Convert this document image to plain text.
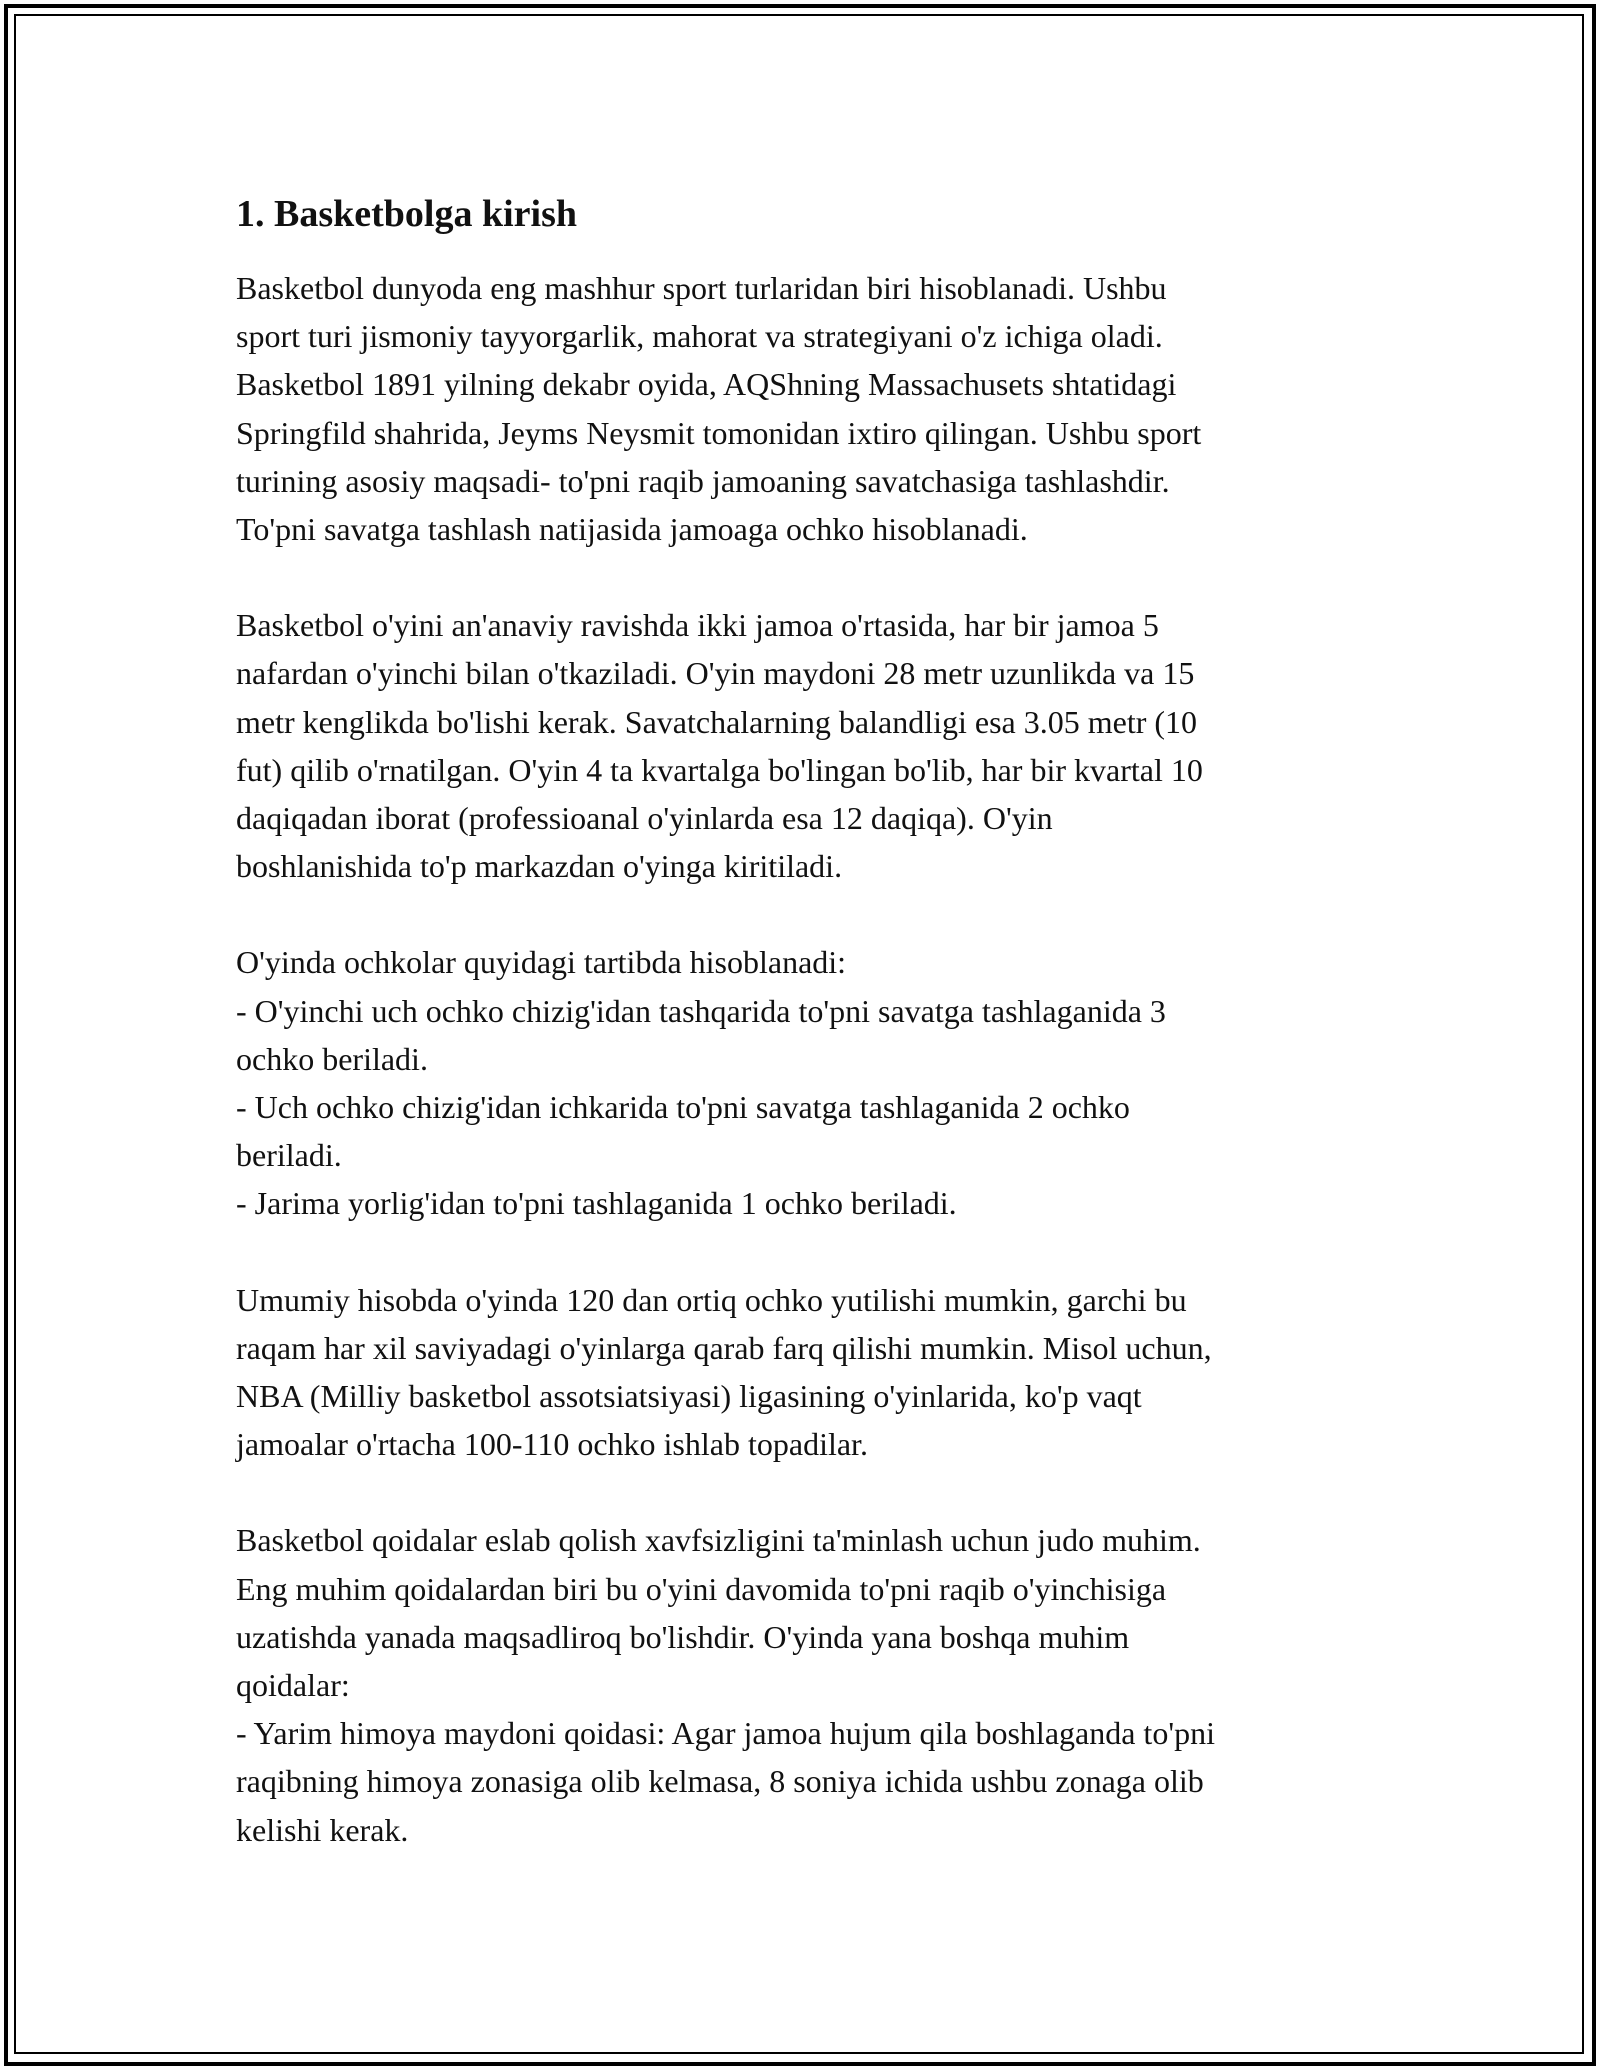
1. Basketbolga kirish
Basketbol dunyoda eng mashhur sport turlaridan biri hisoblanadi. Ushbu
sport turi jismoniy tayyorgarlik, mahorat va strategiyani o'z ichiga oladi.
Basketbol 1891 yilning dekabr oyida, AQShning Massachusets shtatidagi
Springfild shahrida, Jeyms Neysmit tomonidan ixtiro qilingan. Ushbu sport
turining asosiy maqsadi- to'pni raqib jamoaning savatchasiga tashlashdir.
To'pni savatga tashlash natijasida jamoaga ochko hisoblanadi.
Basketbol o'yini an'anaviy ravishda ikki jamoa o'rtasida, har bir jamoa 5
nafardan o'yinchi bilan o'tkaziladi. O'yin maydoni 28 metr uzunlikda va 15
metr kenglikda bo'lishi kerak. Savatchalarning balandligi esa 3.05 metr (10
fut) qilib o'rnatilgan. O'yin 4 ta kvartalga bo'lingan bo'lib, har bir kvartal 10
daqiqadan iborat (professioanal o'yinlarda esa 12 daqiqa). O'yin
boshlanishida to'p markazdan o'yinga kiritiladi.
O'yinda ochkolar quyidagi tartibda hisoblanadi:
- O'yinchi uch ochko chizig'idan tashqarida to'pni savatga tashlaganida 3
ochko beriladi.
- Uch ochko chizig'idan ichkarida to'pni savatga tashlaganida 2 ochko
beriladi.
- Jarima yorlig'idan to'pni tashlaganida 1 ochko beriladi.
Umumiy hisobda o'yinda 120 dan ortiq ochko yutilishi mumkin, garchi bu
raqam har xil saviyadagi o'yinlarga qarab farq qilishi mumkin. Misol uchun,
NBA (Milliy basketbol assotsiatsiyasi) ligasining o'yinlarida, ko'p vaqt
jamoalar o'rtacha 100-110 ochko ishlab topadilar.
Basketbol qoidalar eslab qolish xavfsizligini ta'minlash uchun judo muhim.
Eng muhim qoidalardan biri bu o'yini davomida to'pni raqib o'yinchisiga
uzatishda yanada maqsadliroq bo'lishdir. O'yinda yana boshqa muhim
qoidalar:
- Yarim himoya maydoni qoidasi: Agar jamoa hujum qila boshlaganda to'pni
raqibning himoya zonasiga olib kelmasa, 8 soniya ichida ushbu zonaga olib
kelishi kerak.
